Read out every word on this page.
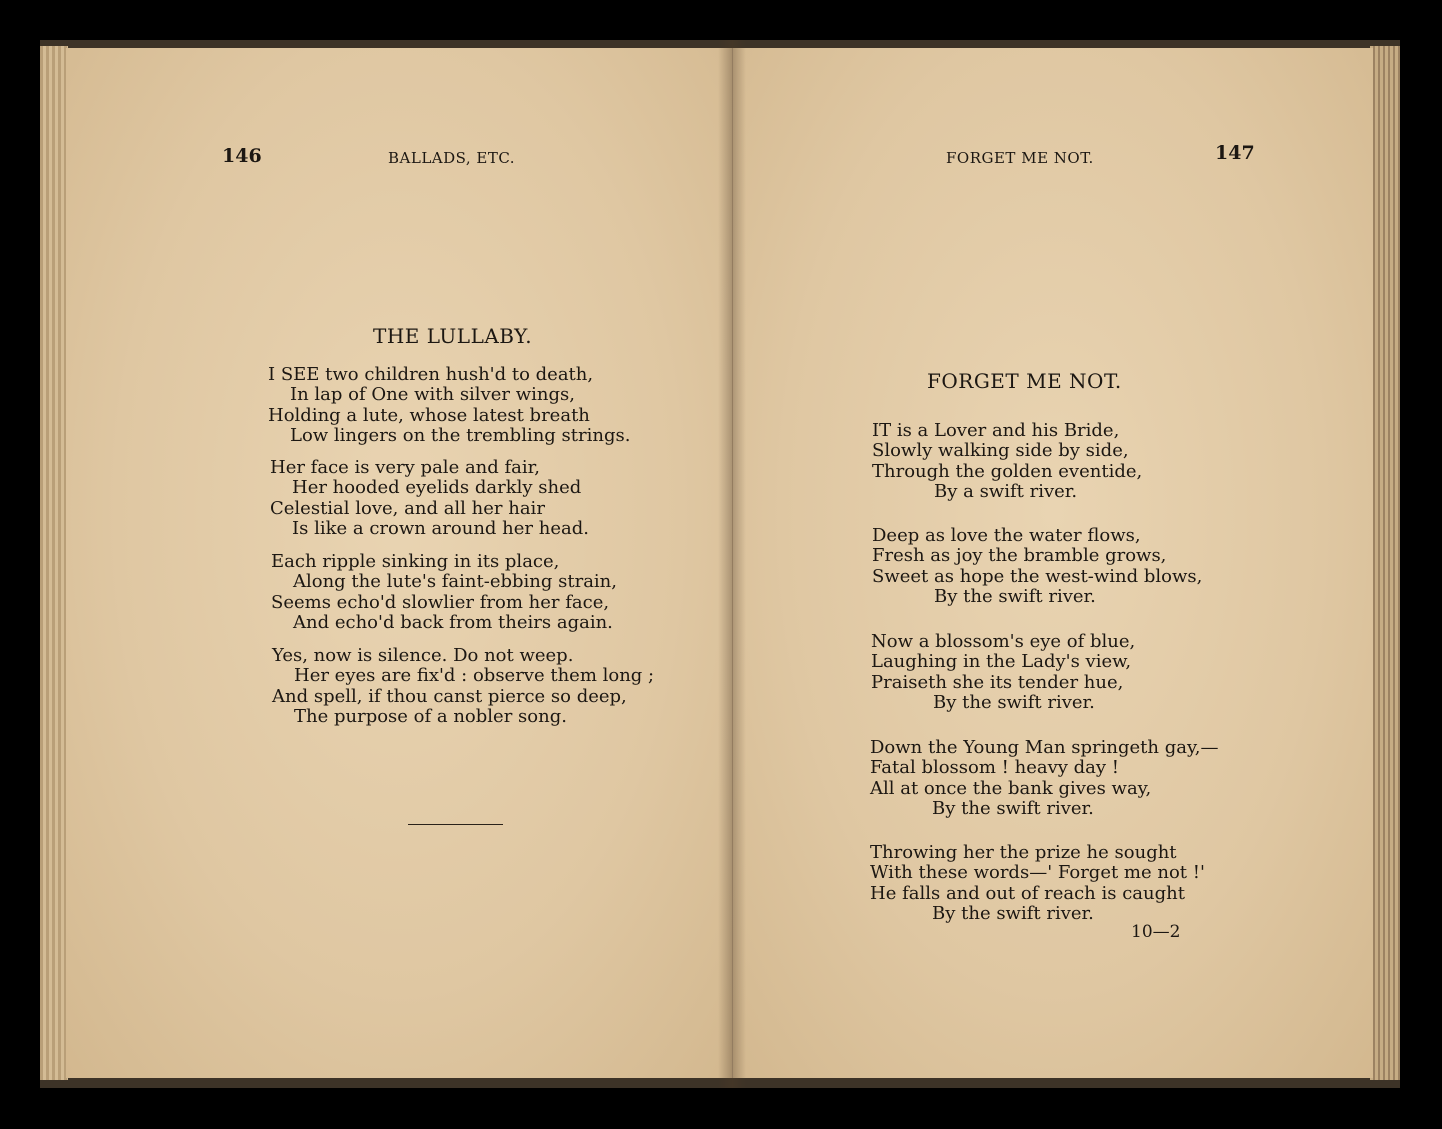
146	BALLADS, ETC.
THE LULLABY.
I SEE two children hush'd to death,
In lap of One with silver wings,
Holding a lute, whose latest breath
Low lingers on the trembling strings.
Her face is very pale and fair,
Her hooded eyelids darkly shed
Celestial love, and all her hair
Is like a crown around her head.
Each ripple sinking in its place,
Along the lute's faint-ebbing strain,
Seems echo'd slowlier from her face,
And echo'd back from theirs again.
Yes, now is silence. Do not weep.
Her eyes are fix'd : observe them long ;
And spell, if thou canst pierce so deep,
The purpose of a nobler song.
FORGET ME NOT.	147
FORGET ME NOT.
IT is a Lover and his Bride,
Slowly walking side by side,
Through the golden eventide,
By a swift river.
Deep as love the water flows,
Fresh as joy the bramble grows,
Sweet as hope the west-wind blows,
By the swift river.
Now a blossom's eye of blue,
Laughing in the Lady's view,
Praiseth she its tender hue,
By the swift river.
Down the Young Man springeth gay,—
Fatal blossom ! heavy day !
All at once the bank gives way,
By the swift river.
Throwing her the prize he sought
With these words—' Forget me not !'
He falls and out of reach is caught
By the swift river.
10—2
